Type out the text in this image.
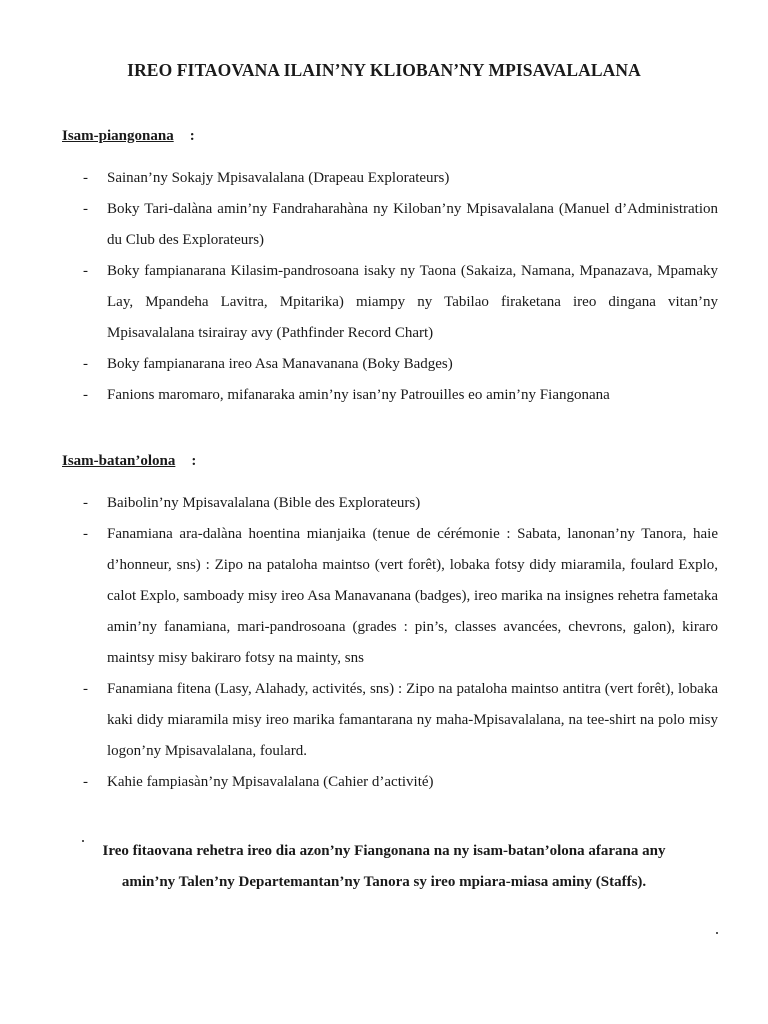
IREO FITAOVANA ILAIN’NY KLIOBAN’NY MPISAVALALANA
Isam-piangonana :
- Sainan’ny Sokajy Mpisavalalana (Drapeau Explorateurs)
- Boky Tari-dalàna amin’ny Fandraharahàna ny Kiloban’ny Mpisavalalana (Manuel d’Administration du Club des Explorateurs)
- Boky fampianarana Kilasim-pandrosoana isaky ny Taona (Sakaiza, Namana, Mpanazava, Mpamaky Lay, Mpandeha Lavitra, Mpitarika) miampy ny Tabilao firaketana ireo dingana vitan’ny Mpisavalalana tsirairay avy (Pathfinder Record Chart)
- Boky fampianarana ireo Asa Manavanana (Boky Badges)
- Fanions maromaro, mifanaraka amin’ny isan’ny Patrouilles eo amin’ny Fiangonana
Isam-batan’olona :
- Baibolin’ny Mpisavalalana (Bible des Explorateurs)
- Fanamiana ara-dalàna hoentina mianjaika (tenue de cérémonie : Sabata, lanonan’ny Tanora, haie d’honneur, sns) : Zipo na pataloha maintso (vert forêt), lobaka fotsy didy miaramila, foulard Explo, calot Explo, samboady misy ireo Asa Manavanana (badges), ireo marika na insignes rehetra fametaka amin’ny fanamiana, mari-pandrosoana (grades : pin’s, classes avancées, chevrons, galon), kiraro maintsy misy bakiraro fotsy na mainty, sns
- Fanamiana fitena (Lasy, Alahady, activités, sns) : Zipo na pataloha maintso antitra (vert forêt), lobaka kaki didy miaramila misy ireo marika famantarana ny maha-Mpisavalalana, na tee-shirt na polo misy logon’ny Mpisavalalana, foulard.
- Kahie fampiasàn’ny Mpisavalalana (Cahier d’activité)
Ireo fitaovana rehetra ireo dia azon’ny Fiangonana na ny isam-batan’olona afarana any
amin’ny Talen’ny Departemantan’ny Tanora sy ireo mpiara-miasa aminy (Staffs).
